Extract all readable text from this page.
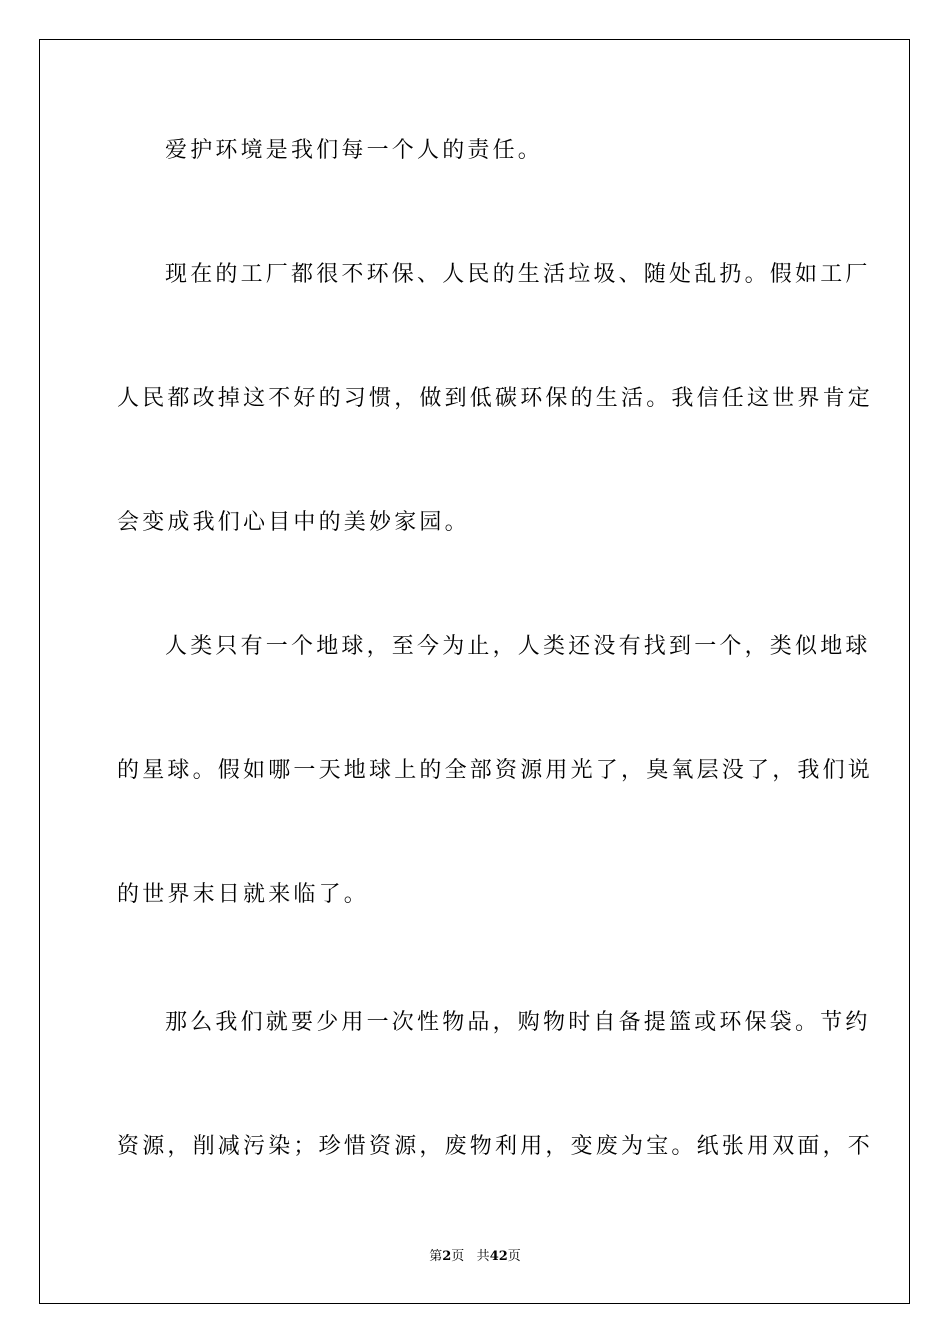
爱护环境是我们每一个人的责任。
现在的工厂都很不环保、人民的生活垃圾、随处乱扔。假如工厂
人民都改掉这不好的习惯，做到低碳环保的生活。我信任这世界肯定
会变成我们心目中的美妙家园。
人类只有一个地球，至今为止，人类还没有找到一个，类似地球
的星球。假如哪一天地球上的全部资源用光了，臭氧层没了，我们说
的世界末日就来临了。
那么我们就要少用一次性物品，购物时自备提篮或环保袋。节约
资源，削减污染；珍惜资源，废物利用，变废为宝。纸张用双面，不
第2页 共42页
